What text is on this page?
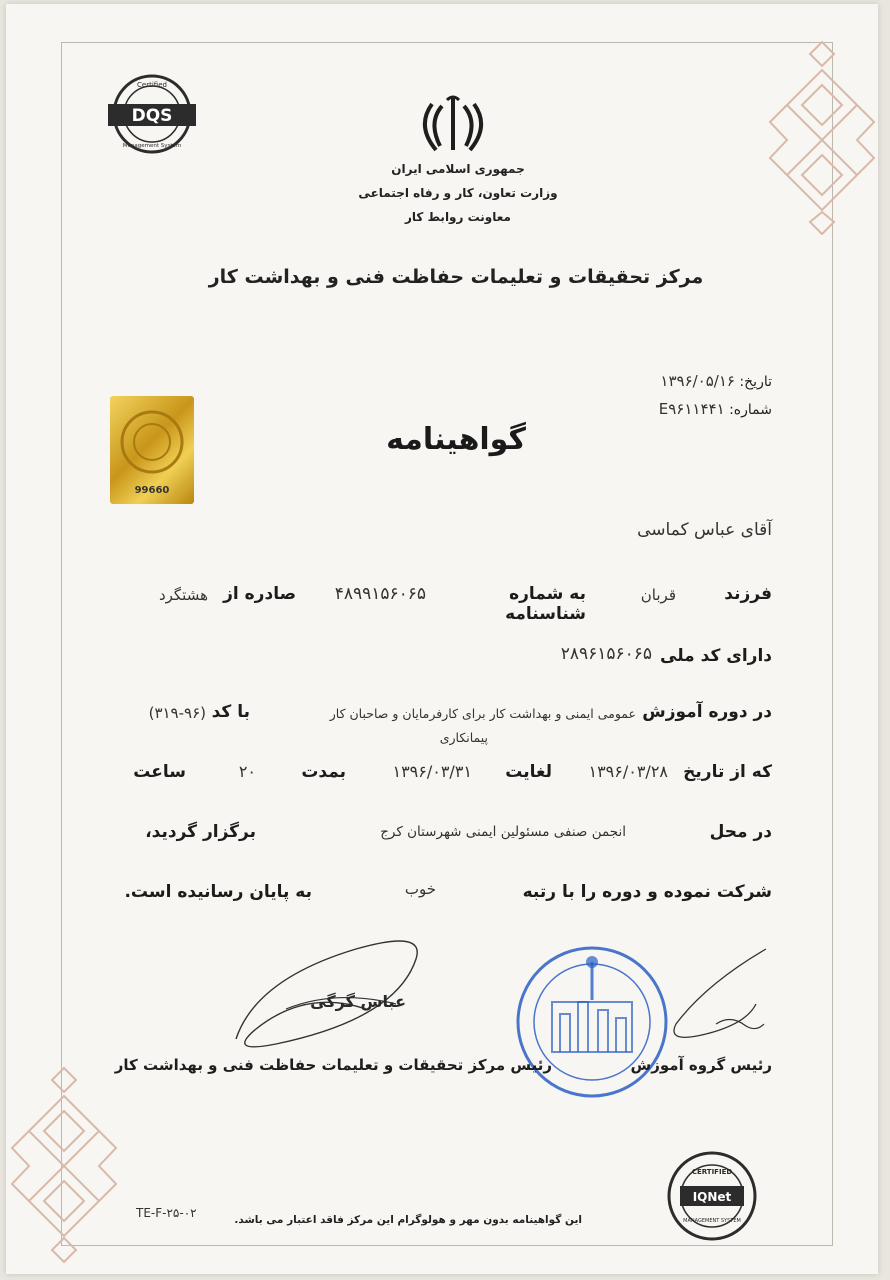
DQS
Certified
Management System
جمهوری اسلامی ایران
وزارت تعاون، کار و رفاه اجتماعی
معاونت روابط کار
مرکز تحقیقات و تعلیمات حفاظت فنی و بهداشت کار
تاریخ: ۱۳۹۶/۰۵/۱۶
شماره: E۹۶۱۱۴۴۱
99660
گواهینامه
آقای عباس کماسی
فرزند
قربان
به شماره شناسنامه
۴۸۹۹۱۵۶۰۶۵
صادره از
هشتگرد
دارای کد ملی
۲۸۹۶۱۵۶۰۶۵
در دوره آموزش
عمومی ایمنی و بهداشت کار برای کارفرمایان و صاحبان کار
پیمانکاری
با کد
(۳۱۹-۹۶)
که از تاریخ
۱۳۹۶/۰۳/۲۸
لغایت
۱۳۹۶/۰۳/۳۱
بمدت
۲۰
ساعت
در محل
انجمن صنفی مسئولین ایمنی شهرستان کرج
برگزار گردید،
شرکت نموده و دوره را با رتبه
خوب
به پایان رسانیده است.
عباس گرگی
رئیس مرکز تحقیقات و تعلیمات حفاظت فنی و بهداشت کار	رئیس گروه آموزش
IQNet
CERTIFIED
MANAGEMENT SYSTEM
TE-F-۲۵-۰۲	این گواهینامه بدون مهر و هولوگرام این مرکز فاقد اعتبار می باشد.
